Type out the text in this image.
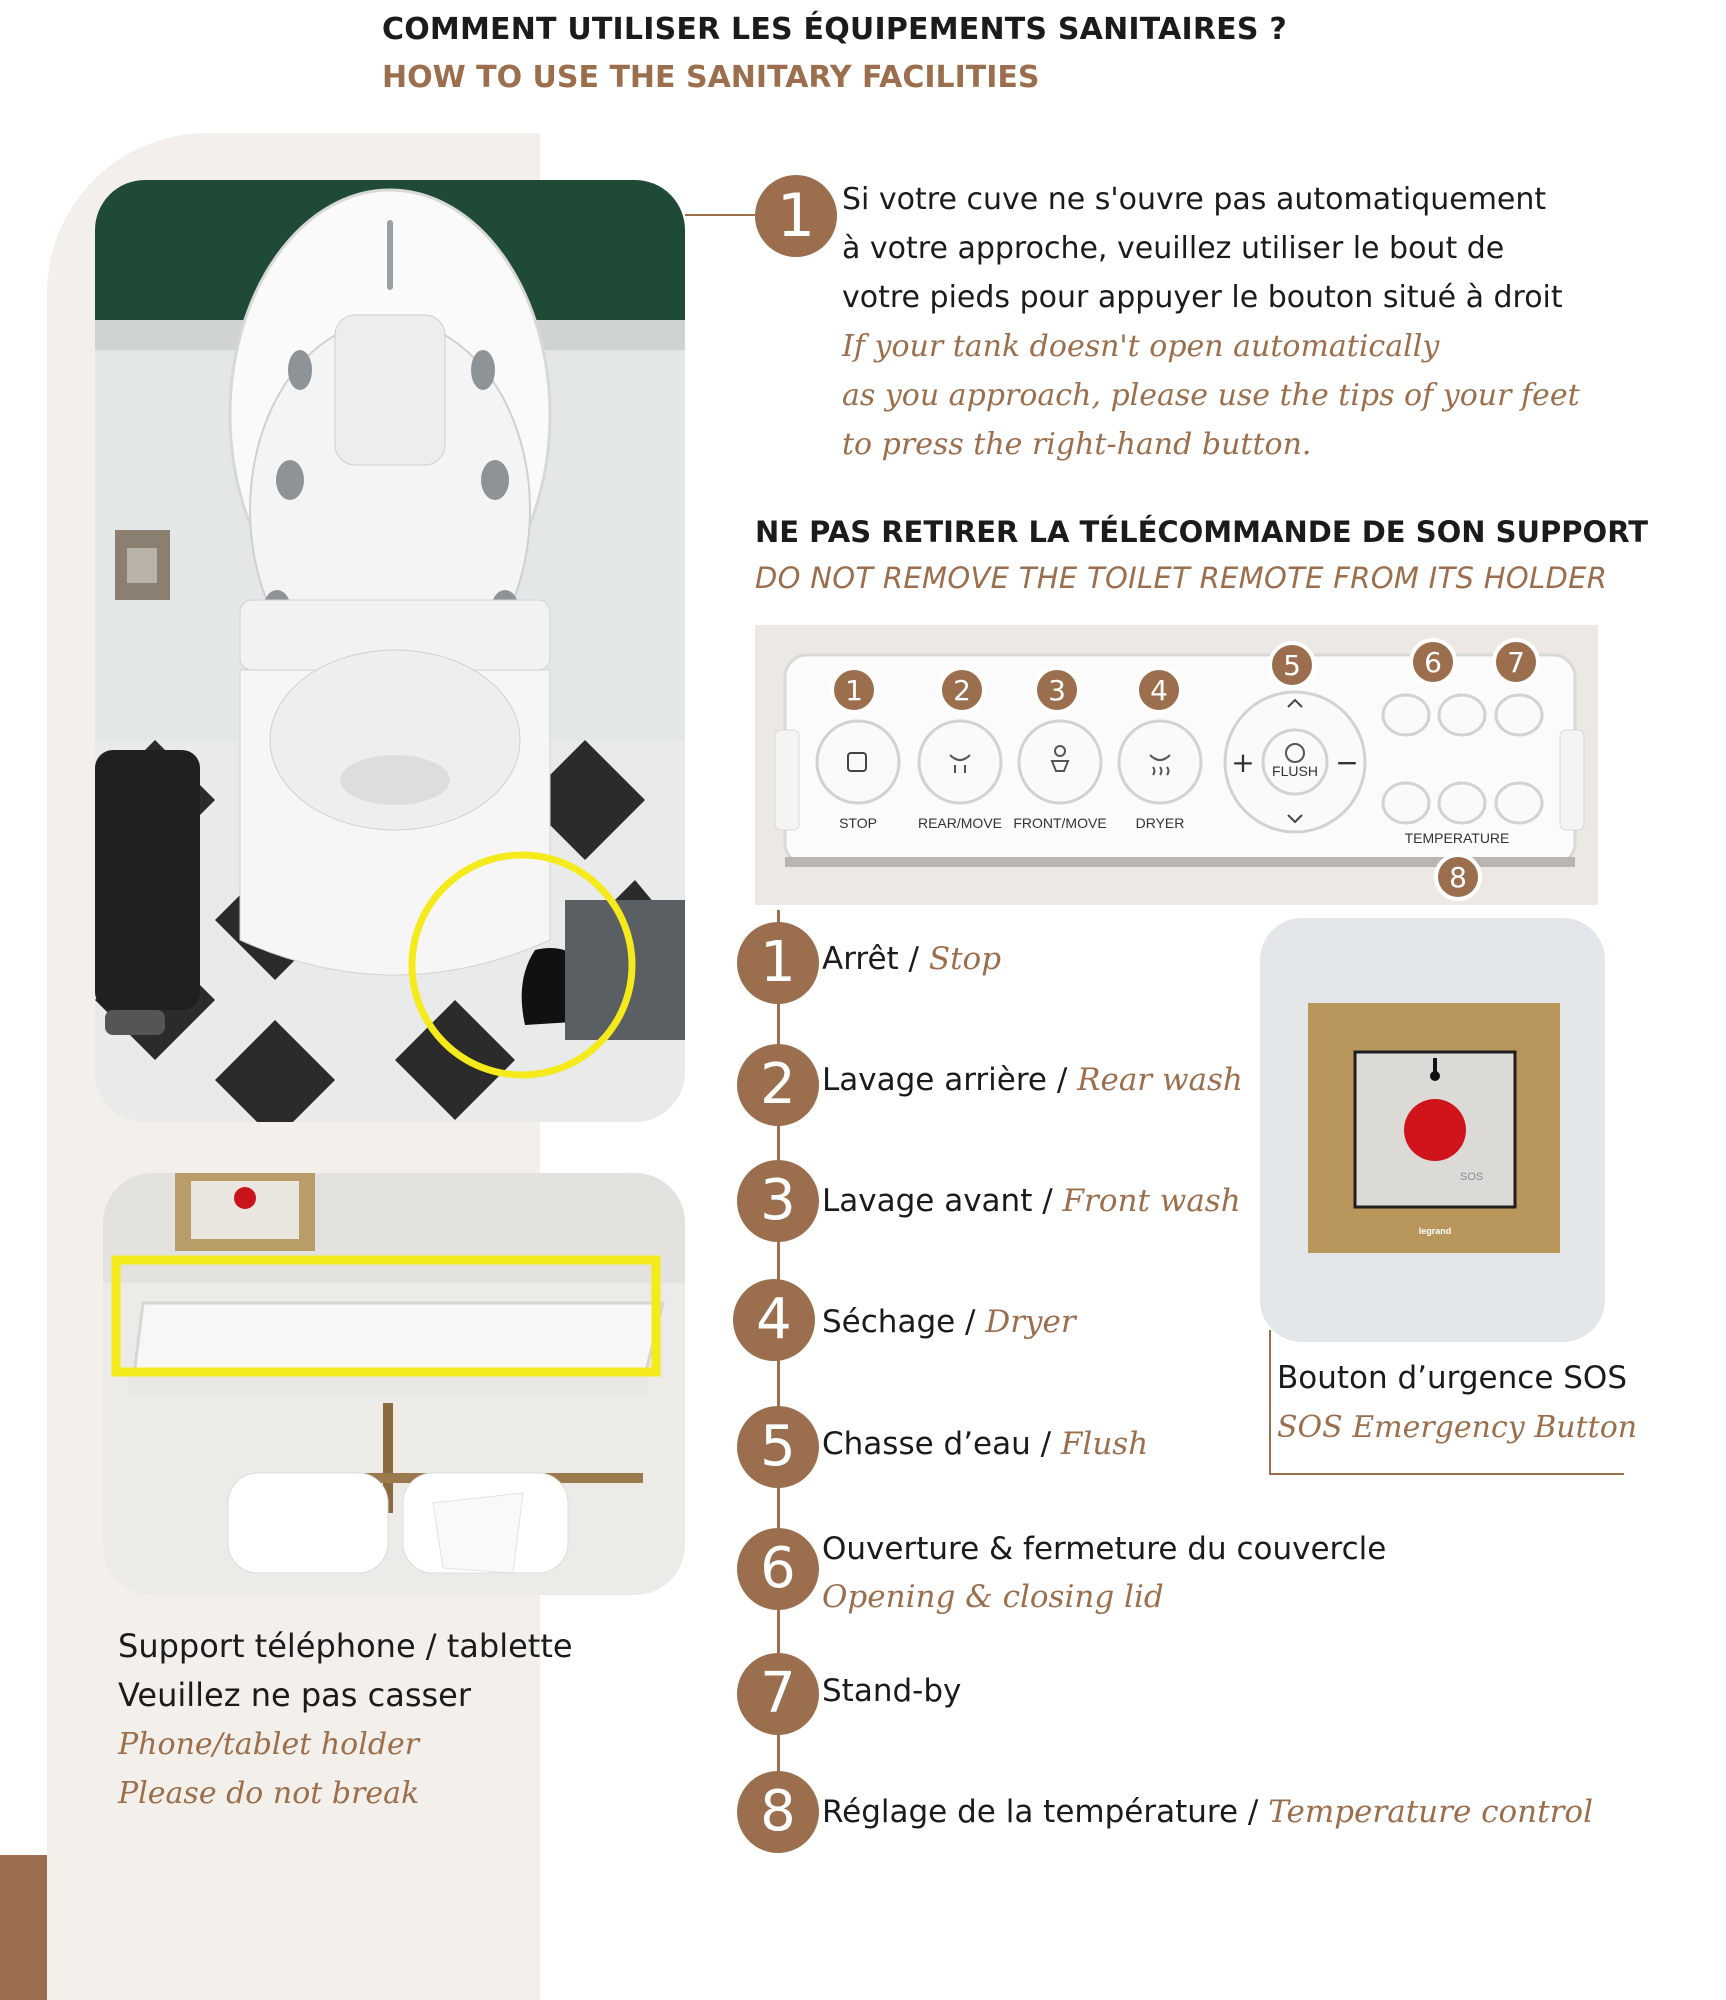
COMMENT UTILISER LES ÉQUIPEMENTS SANITAIRES ?
HOW TO USE THE SANITARY FACILITIES
1 Si votre cuve ne s'ouvre pas automatiquement
à votre approche, veuillez utiliser le bout de
votre pieds pour appuyer le bouton situé à droit
If your tank doesn't open automatically
as you approach, please use the tips of your feet
to press the right-hand button.
NE PAS RETIRER LA TÉLÉCOMMANDE DE SON SUPPORT
DO NOT REMOVE THE TOILET REMOTE FROM ITS HOLDER
STOP	REAR/MOVE FRONT/MOVE DRYER
FLUSH
TEMPERATURE
+	−
1	2	3	4
5	6 7
8
1 Arrêt / Stop
2 Lavage arrière / Rear wash
3 Lavage avant / Front wash
4 Séchage / Dryer
5 Chasse d’eau / Flush
6 Ouverture & fermeture du couvercle
Opening & closing lid
7 Stand-by
8 Réglage de la température / Temperature control
SOS
legrand
Bouton d’urgence SOS
SOS Emergency Button
Support téléphone / tablette
Veuillez ne pas casser
Phone/tablet holder
Please do not break
